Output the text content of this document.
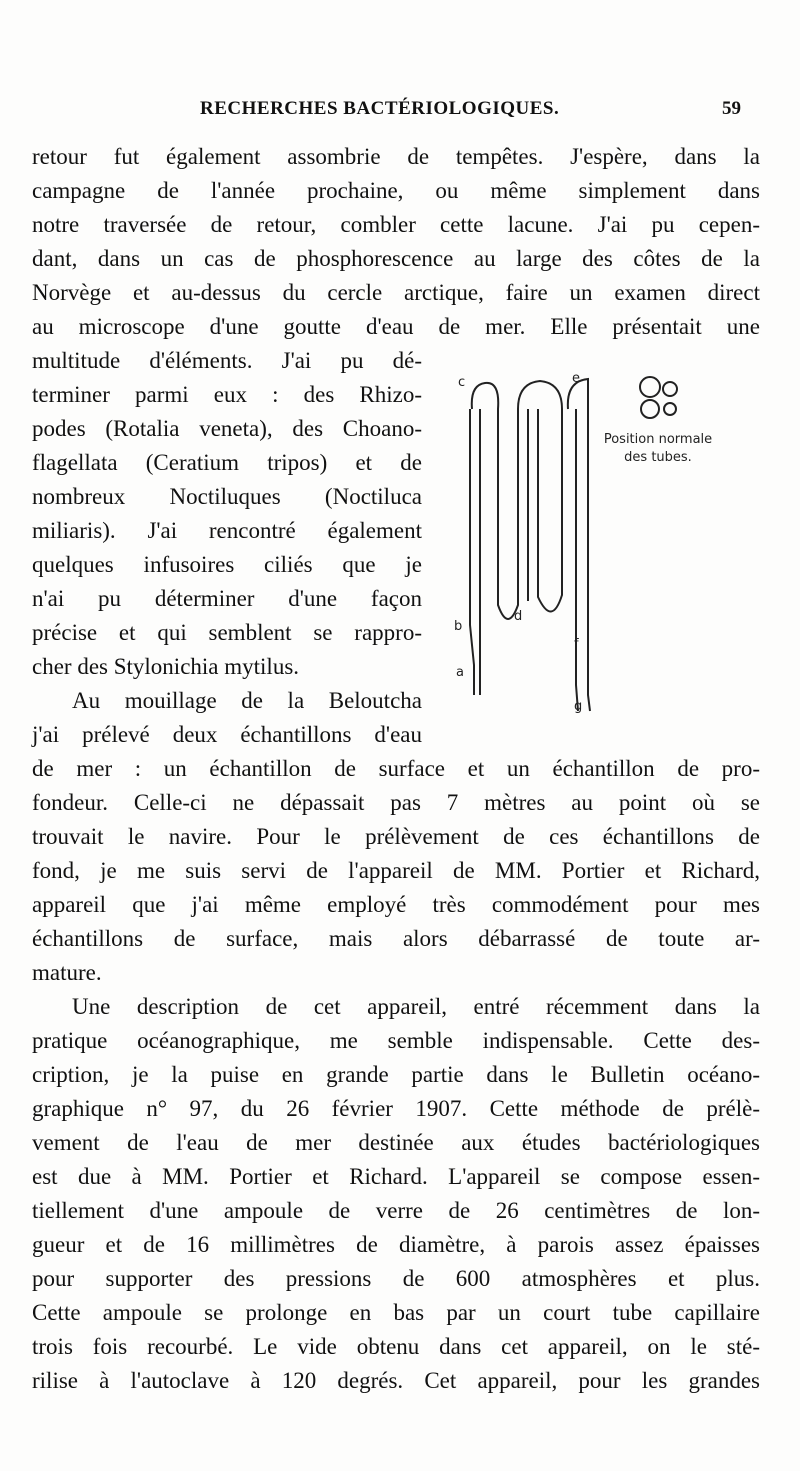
RECHERCHES BACTÉRIOLOGIQUES.	59
retour fut également assombrie de tempêtes. J'espère, dans la
campagne de l'année prochaine, ou même simplement dans
notre traversée de retour, combler cette lacune. J'ai pu cepen-
dant, dans un cas de phosphorescence au large des côtes de la
Norvège et au-dessus du cercle arctique, faire un examen direct
au microscope d'une goutte d'eau de mer. Elle présentait une
multitude d'éléments. J'ai pu dé-
terminer parmi eux : des Rhizo-
podes (Rotalia veneta), des Choano-
flagellata (Ceratium tripos) et de
nombreux Noctiluques (Noctiluca
miliaris). J'ai rencontré également
quelques infusoires ciliés que je
n'ai pu déterminer d'une façon
précise et qui semblent se rappro-
cher des Stylonichia mytilus.
Au mouillage de la Beloutcha
j'ai prélevé deux échantillons d'eau
c	e
b
d
f
a
g
Position normale
des tubes.
de mer : un échantillon de surface et un échantillon de pro-
fondeur. Celle-ci ne dépassait pas 7 mètres au point où se
trouvait le navire. Pour le prélèvement de ces échantillons de
fond, je me suis servi de l'appareil de MM. Portier et Richard,
appareil que j'ai même employé très commodément pour mes
échantillons de surface, mais alors débarrassé de toute ar-
mature.
Une description de cet appareil, entré récemment dans la
pratique océanographique, me semble indispensable. Cette des-
cription, je la puise en grande partie dans le Bulletin océano-
graphique n° 97, du 26 février 1907. Cette méthode de prélè-
vement de l'eau de mer destinée aux études bactériologiques
est due à MM. Portier et Richard. L'appareil se compose essen-
tiellement d'une ampoule de verre de 26 centimètres de lon-
gueur et de 16 millimètres de diamètre, à parois assez épaisses
pour supporter des pressions de 600 atmosphères et plus.
Cette ampoule se prolonge en bas par un court tube capillaire
trois fois recourbé. Le vide obtenu dans cet appareil, on le sté-
rilise à l'autoclave à 120 degrés. Cet appareil, pour les grandes
